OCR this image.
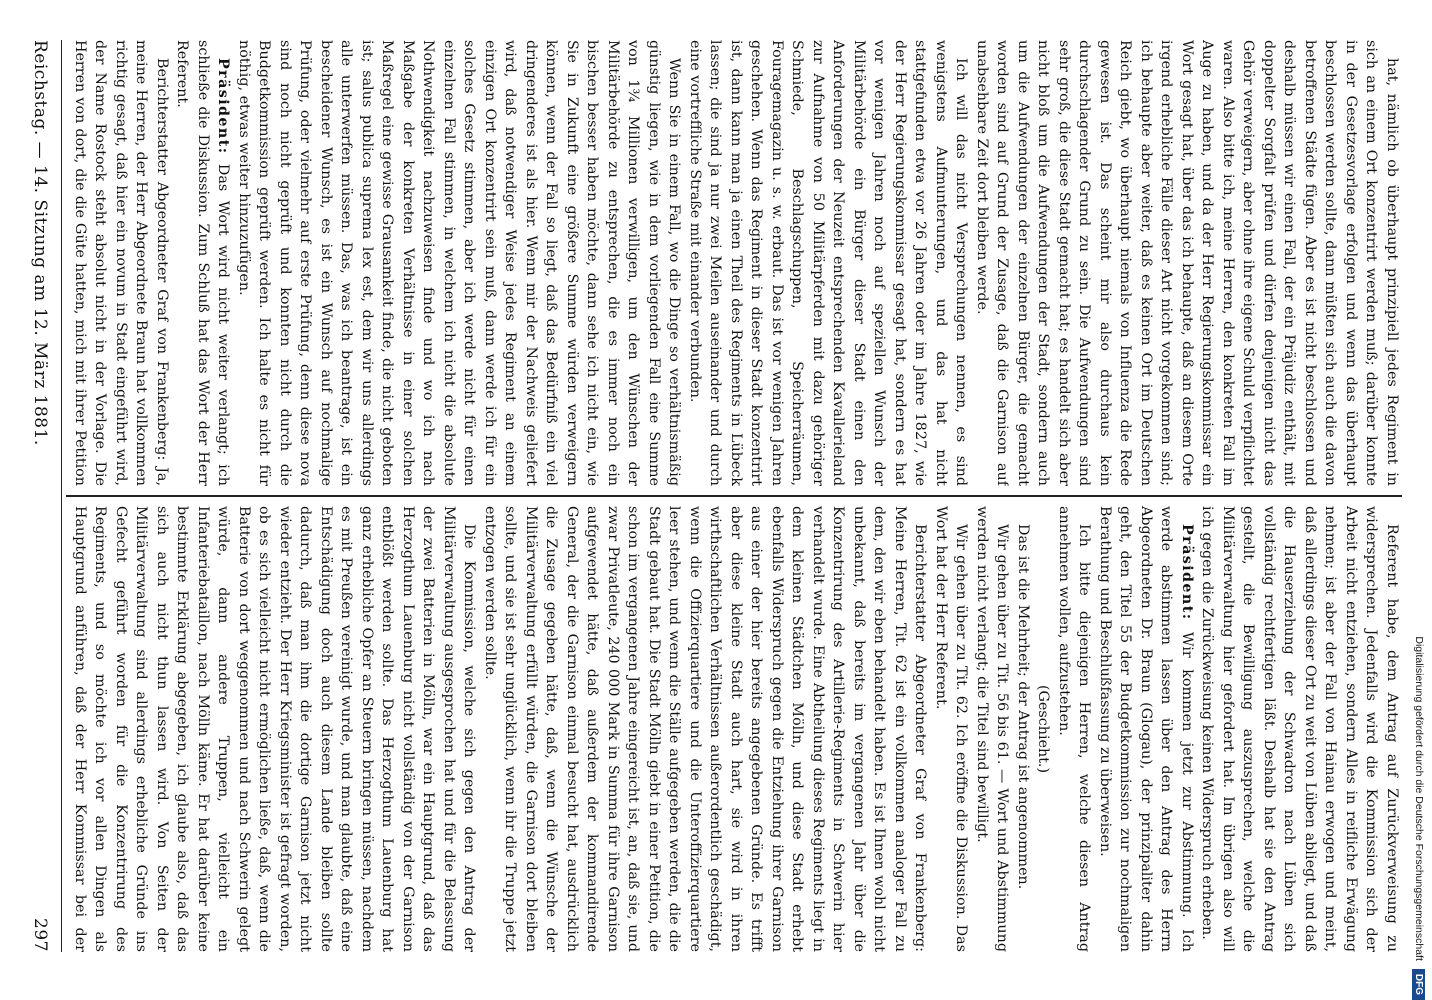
Digitalisierung gefördert durch die Deutsche Forschungsgemeinschaft
DFG

hat, nämlich ob überhaupt prinzipiell jedes Regiment in sich an einem Ort konzentrirt werden muß; darüber konnte in der Gesetzesvorlage erfolgen und wenn das überhaupt beschlossen werden sollte, dann müßten sich auch die davon betroffenen Städte fügen. Aber es ist nicht beschlossen und deshalb müssen wir einen Fall, der ein Präjudiz enthält, mit doppelter Sorgfalt prüfen und dürfen denjenigen nicht das Gehör verweigern, aber ohne ihre eigene Schuld verpflichtet waren. Also bitte ich, meine Herren, den konkreten Fall im Auge zu haben, und da der Herr Regierungskommissar ein Wort gesagt hat, über das ich behaupte, daß an diesem Orte irgend erhebliche Fälle dieser Art nicht vorgekommen sind; ich behaupte aber weiter, daß es keinen Ort im Deutschen Reich giebt, wo überhaupt niemals von Influenza die Rede gewesen ist. Das scheint mir also durchaus kein durchschlagender Grund zu sein. Die Aufwendungen sind sehr groß, die diese Stadt gemacht hat; es handelt sich aber nicht bloß um die Aufwendungen der Stadt, sondern auch um die Aufwendungen der einzelnen Bürger, die gemacht worden sind auf Grund der Zusage, daß die Garnison auf unabsehbare Zeit dort bleiben werde.

Ich will das nicht Versprechungen nennen, es sind wenigstens Aufmunterungen, und das hat nicht stattgefunden etwa vor 26 Jahren oder im Jahre 1827, wie der Herr Regierungskommissar gesagt hat, sondern es hat vor wenigen Jahren noch auf speziellen Wunsch der Militärbehörde ein Bürger dieser Stadt einen den Anforderungen der Neuzeit entsprechenden Kavallerieland zur Aufnahme von 50 Militärpferden mit dazu gehöriger Schmiede, Beschlagschuppen, Speicherräumen, Fouragemagazin u. s. w. erbaut. Das ist vor wenigen Jahren geschehen. Wenn das Regiment in dieser Stadt konzentrirt ist, dann kann man ja einen Theil des Regiments in Lübeck lassen; die sind ja nur zwei Meilen auseinander und durch eine vortreffliche Straße mit einander verbunden.

Wenn Sie in einem Fall, wo die Dinge so verhältnismäßig günstig liegen, wie in dem vorliegenden Fall eine Summe von 1¾ Millionen verwilligen, um den Wünschen der Militärbehörde zu entsprechen, die es immer noch ein bischen besser haben möchte, dann sehe ich nicht ein, wie Sie in Zukunft eine größere Summe würden verweigern können, wenn der Fall so liegt, daß das Bedürfniß ein viel dringenderes ist als hier. Wenn mir der Nachweis geliefert wird, daß notwendiger Weise jedes Regiment an einem einzigen Ort konzentrirt sein muß, dann werde ich für ein solches Gesetz stimmen, aber ich werde nicht für einen einzelnen Fall stimmen, in welchem ich nicht die absolute Nothwendigkeit nachzuweisen finde und wo ich nach Maßgabe der konkreten Verhältnisse in einer solchen Maßregel eine gewisse Grausamkeit finde, die nicht geboten ist; salus publica suprema lex est, dem wir uns allerdings alle unterwerfen müssen. Das, was ich beantrage, ist ein bescheidener Wunsch, es ist ein Wunsch auf nochmalige Prüfung, oder vielmehr auf erste Prüfung, denn diese nova sind noch nicht geprüft und konnten nicht durch die Budgetkommission geprüft werden. Ich halte es nicht für nöthig, etwas weiter hinzuzufügen.

Präsident: Das Wort wird nicht weiter verlangt; ich schließe die Diskussion. Zum Schluß hat das Wort der Herr Referent.

Berichterstatter Abgeordneter Graf von Frankenberg: Ja, meine Herren, der Herr Abgeordnete Braun hat vollkommen richtig gesagt, daß hier ein novum in Stadt eingeführt wird, der Name Rostock steht absolut nicht in der Vorlage. Die Herren von dort, die die Güte hatten, mich mit ihrer Petition

Referent habe, dem Antrag auf Zurückverweisung zu widersprechen. Jedenfalls wird die Kommission sich der Arbeit nicht entziehen, sondern Alles in reifliche Erwägung nehmen; ist aber der Fall von Hainau erwogen und meint, daß allerdings dieser Ort zu weit von Lüben abliegt, und daß die Hauserziehung der Schwadron nach Lüben sich vollständig rechtfertigen läßt. Deshalb hat sie den Antrag gestellt, die Bewilligung auszusprechen, welche die Militärverwaltung hier gefordert hat. Im übrigen also will ich gegen die Zurückweisung keinen Widerspruch erheben.

Präsident: Wir kommen jetzt zur Abstimmung. Ich werde abstimmen lassen über den Antrag des Herrn Abgeordneten Dr. Braun (Glogau), der prinzipaliter dahin geht, den Titel 55 der Budgetkommission zur nochmaligen Berathung und Beschlußfassung zu überweisen.

Ich bitte diejenigen Herren, welche diesen Antrag annehmen wollen, aufzustehen.

(Geschieht.)

Das ist die Mehrheit; der Antrag ist angenommen.

Wir gehen über zu Tit. 56 bis 61. — Wort und Abstimmung werden nicht verlangt; die Titel sind bewilligt.

Wir gehen über zu Tit. 62. Ich eröffne die Diskussion. Das Wort hat der Herr Referent.

Berichterstatter Abgeordneter Graf von Frankenberg: Meine Herren, Tit. 62 ist ein vollkommen analoger Fall zu dem, den wir eben behandelt haben. Es ist Ihnen wohl nicht unbekannt, daß bereits im vergangenen Jahr über die Konzentrirung des Artillerie-Regiments in Schwerin hier verhandelt wurde. Eine Abtheilung dieses Regiments liegt in dem kleinen Städtchen Mölln, und diese Stadt erhebt ebenfalls Widerspruch gegen die Entziehung ihrer Garnison aus einer der hier bereits angegebenen Gründe. Es trifft aber diese kleine Stadt auch hart, sie wird in ihren wirthschaftlichen Verhältnissen außerordentlich geschädigt, wenn die Offizierquartiere und die Unteroffizierquartiere leer stehen, und wenn die Ställe aufgegeben werden, die die Stadt gebaut hat. Die Stadt Mölln giebt in einer Petition, die schon im vergangenen Jahre eingereicht ist, an, daß sie, und zwar Privatleute, 240 000 Mark in Summa für ihre Garnison aufgewendet hätte, daß außerdem der kommandirende General, der die Garnison einmal besucht hat, ausdrücklich die Zusage gegeben hätte, daß, wenn die Wünsche der Militärverwaltung erfüllt würden, die Garnison dort bleiben sollte, und sie ist sehr unglücklich, wenn ihr die Truppe jetzt entzogen werden sollte.

Die Kommission, welche sich gegen den Antrag der Militärverwaltung ausgesprochen hat und für die Belassung der zwei Batterien in Mölln, war ein Hauptgrund, daß das Herzogthum Lauenburg nicht vollständig von der Garnison entblößt werden sollte. Das Herzogthum Lauenburg hat ganz erhebliche Opfer an Steuern bringen müssen, nachdem es mit Preußen vereinigt wurde, und man glaubte, daß eine Entschädigung doch auch diesem Lande bleiben sollte dadurch, daß man ihm die dortige Garnison jetzt nicht wieder entzieht. Der Herr Kriegsminister ist gefragt worden, ob es sich vielleicht nicht ermöglichen ließe, daß, wenn die Batterie von dort weggenommen und nach Schwerin gelegt würde, dann andere Truppen, vielleicht ein Infanteriebataillon, nach Mölln käme. Er hat darüber keine bestimmte Erklärung abgegeben, ich glaube also, daß das sich auch nicht thun lassen wird. Von Seiten der Militärverwaltung sind allerdings erhebliche Gründe ins Gefecht geführt worden für die Konzentrirung des Regiments, und so möchte ich vor allen Dingen als Hauptgrund anführen, daß der Herr Kommissar bei der

Reichstag. — 14. Sitzung am 12. März 1881.
297
